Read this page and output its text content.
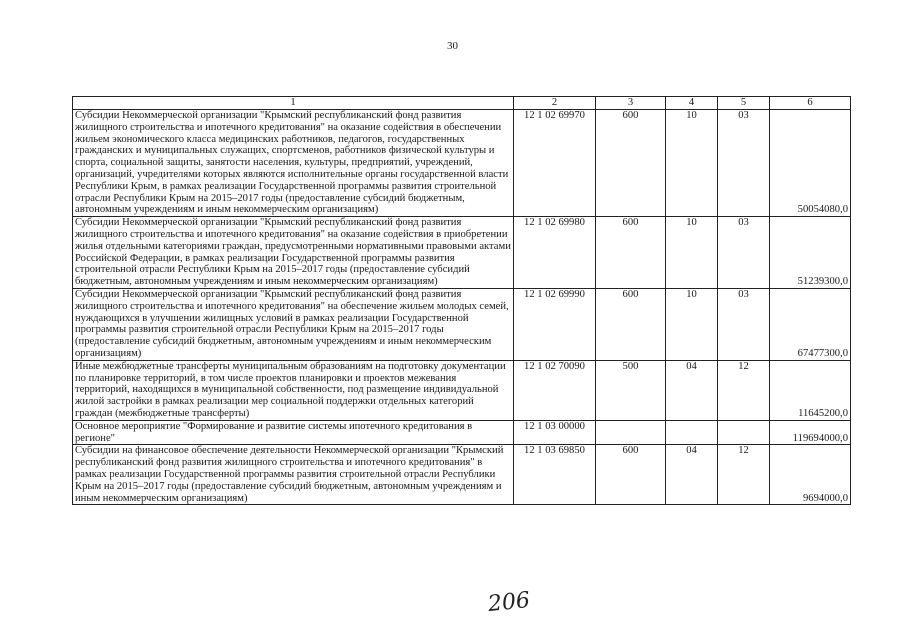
30
1	2	3	4	5	6
Субсидии Некоммерческой организации "Крымский республиканский фонд развития жилищного строительства и ипотечного кредитования" на оказание содействия в обеспечении жильем экономического класса медицинских работников, педагогов, государственных гражданских и муниципальных служащих, спортсменов, работников физической культуры и спорта, социальной защиты, занятости населения, культуры, предприятий, учреждений, организаций, учредителями которых являются исполнительные органы государственной власти Республики Крым, в рамках реализации Государственной программы развития строительной отрасли Республики Крым на 2015–2017 годы (предоставление субсидий бюджетным, автономным учреждениям и иным некоммерческим организациям)	12 1 02 69970	600	10	03	50054080,0
Субсидии Некоммерческой организации "Крымский республиканский фонд развития жилищного строительства и ипотечного кредитования" на оказание содействия в приобретении жилья отдельными категориями граждан, предусмотренными нормативными правовыми актами Российской Федерации, в рамках реализации Государственной программы развития строительной отрасли Республики Крым на 2015–2017 годы (предоставление субсидий бюджетным, автономным учреждениям и иным некоммерческим организациям)	12 1 02 69980	600	10	03	51239300,0
Субсидии Некоммерческой организации "Крымский республиканский фонд развития жилищного строительства и ипотечного кредитования" на обеспечение жильем молодых семей, нуждающихся в улучшении жилищных условий в рамках реализации Государственной программы развития строительной отрасли Республики Крым на 2015–2017 годы (предоставление субсидий бюджетным, автономным учреждениям и иным некоммерческим организациям)	12 1 02 69990	600	10	03	67477300,0
Иные межбюджетные трансферты муниципальным образованиям на подготовку документации по планировке территорий, в том числе проектов планировки и проектов межевания территорий, находящихся в муниципальной собственности, под размещение индивидуальной жилой застройки в рамках реализации мер социальной поддержки отдельных категорий граждан (межбюджетные трансферты)	12 1 02 70090	500	04	12	11645200,0
Основное мероприятие "Формирование и развитие системы ипотечного кредитования в регионе"	12 1 03 00000				119694000,0
Субсидии на финансовое обеспечение деятельности Некоммерческой организации "Крымский республиканский фонд развития жилищного строительства и ипотечного кредитования" в рамках реализации Государственной программы развития строительной отрасли Республики Крым на 2015–2017 годы (предоставление субсидий бюджетным, автономным учреждениям и иным некоммерческим организациям)	12 1 03 69850	600	04	12	9694000,0
206
